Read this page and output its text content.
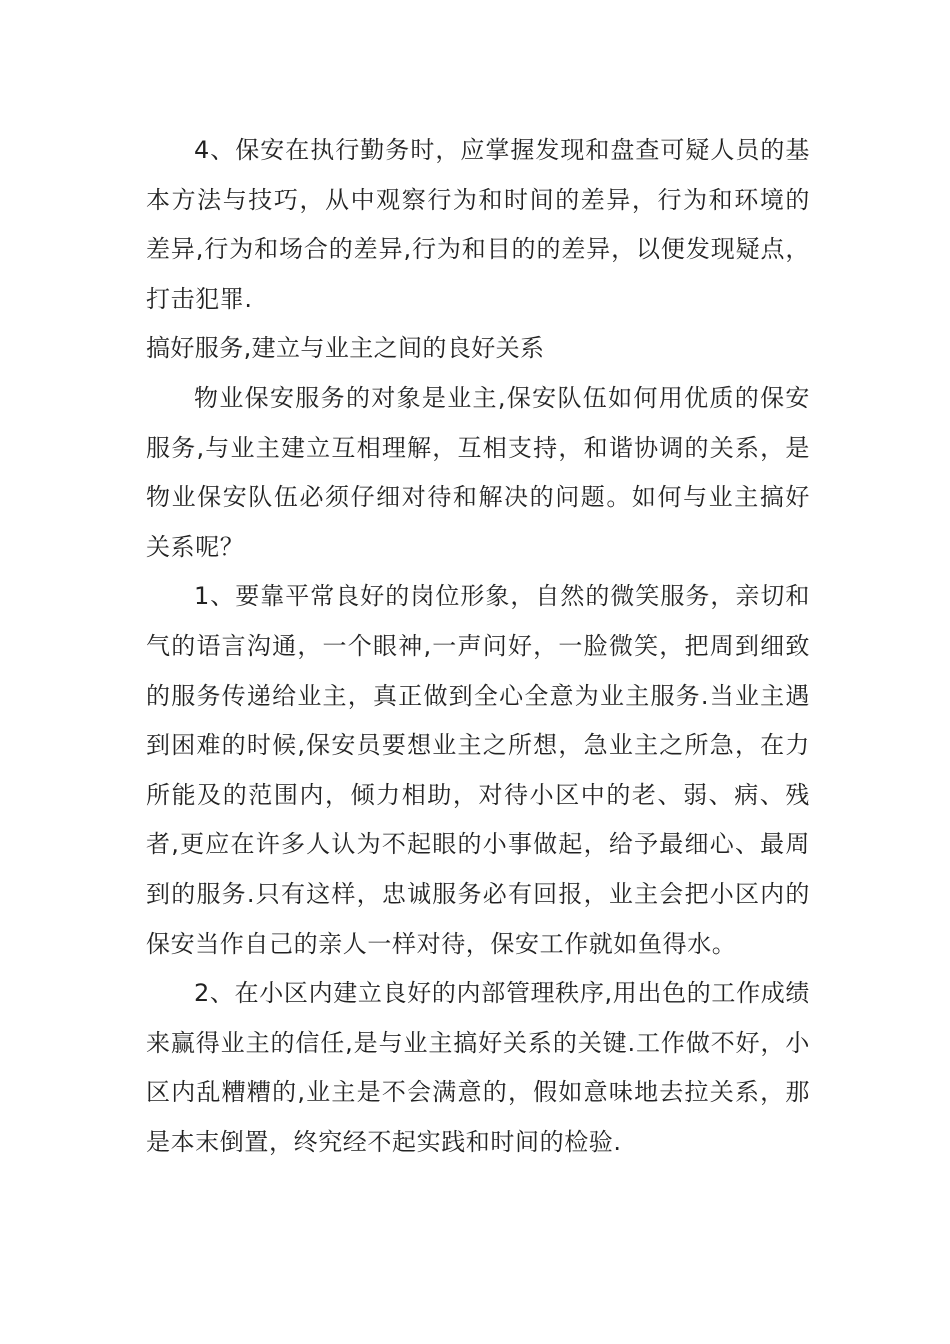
4、保安在执行勤务时，应掌握发现和盘查可疑人员的基本方法与技巧，从中观察行为和时间的差异，行为和环境的差异,行为和场合的差异,行为和目的的差异，以便发现疑点，打击犯罪.

搞好服务,建立与业主之间的良好关系

物业保安服务的对象是业主,保安队伍如何用优质的保安服务,与业主建立互相理解，互相支持，和谐协调的关系，是物业保安队伍必须仔细对待和解决的问题。如何与业主搞好关系呢？

1、要靠平常良好的岗位形象，自然的微笑服务，亲切和气的语言沟通，一个眼神,一声问好，一脸微笑，把周到细致的服务传递给业主，真正做到全心全意为业主服务.当业主遇到困难的时候,保安员要想业主之所想，急业主之所急，在力所能及的范围内，倾力相助，对待小区中的老、弱、病、残者,更应在许多人认为不起眼的小事做起，给予最细心、最周到的服务.只有这样，忠诚服务必有回报，业主会把小区内的保安当作自己的亲人一样对待，保安工作就如鱼得水。

2、在小区内建立良好的内部管理秩序,用出色的工作成绩来赢得业主的信任,是与业主搞好关系的关键.工作做不好，小区内乱糟糟的,业主是不会满意的，假如意味地去拉关系，那是本末倒置，终究经不起实践和时间的检验.
